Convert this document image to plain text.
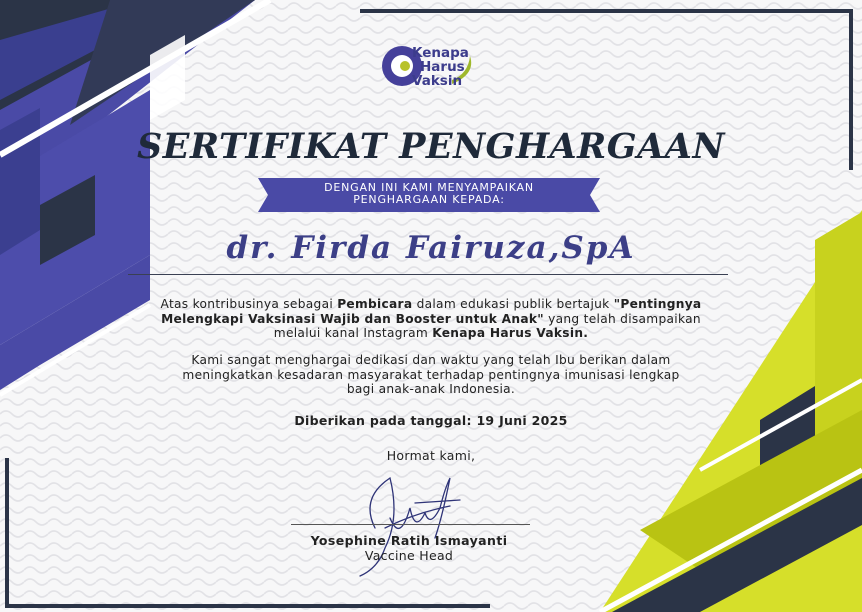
Kenapa
Harus
Vaksin
SERTIFIKAT PENGHARGAAN
DENGAN INI KAMI MENYAMPAIKAN
PENGHARGAAN KEPADA:
dr. Firda Fairuza,SpA
Atas kontribusinya sebagai Pembicara dalam edukasi publik bertajuk "Pentingnya Melengkapi Vaksinasi Wajib dan Booster untuk Anak" yang telah disampaikan melalui kanal Instagram Kenapa Harus Vaksin.
Kami sangat menghargai dedikasi dan waktu yang telah Ibu berikan dalam meningkatkan kesadaran masyarakat terhadap pentingnya imunisasi lengkap bagi anak-anak Indonesia.
Diberikan pada tanggal: 19 Juni 2025
Hormat kami,
Yosephine Ratih Ismayanti
Vaccine Head
